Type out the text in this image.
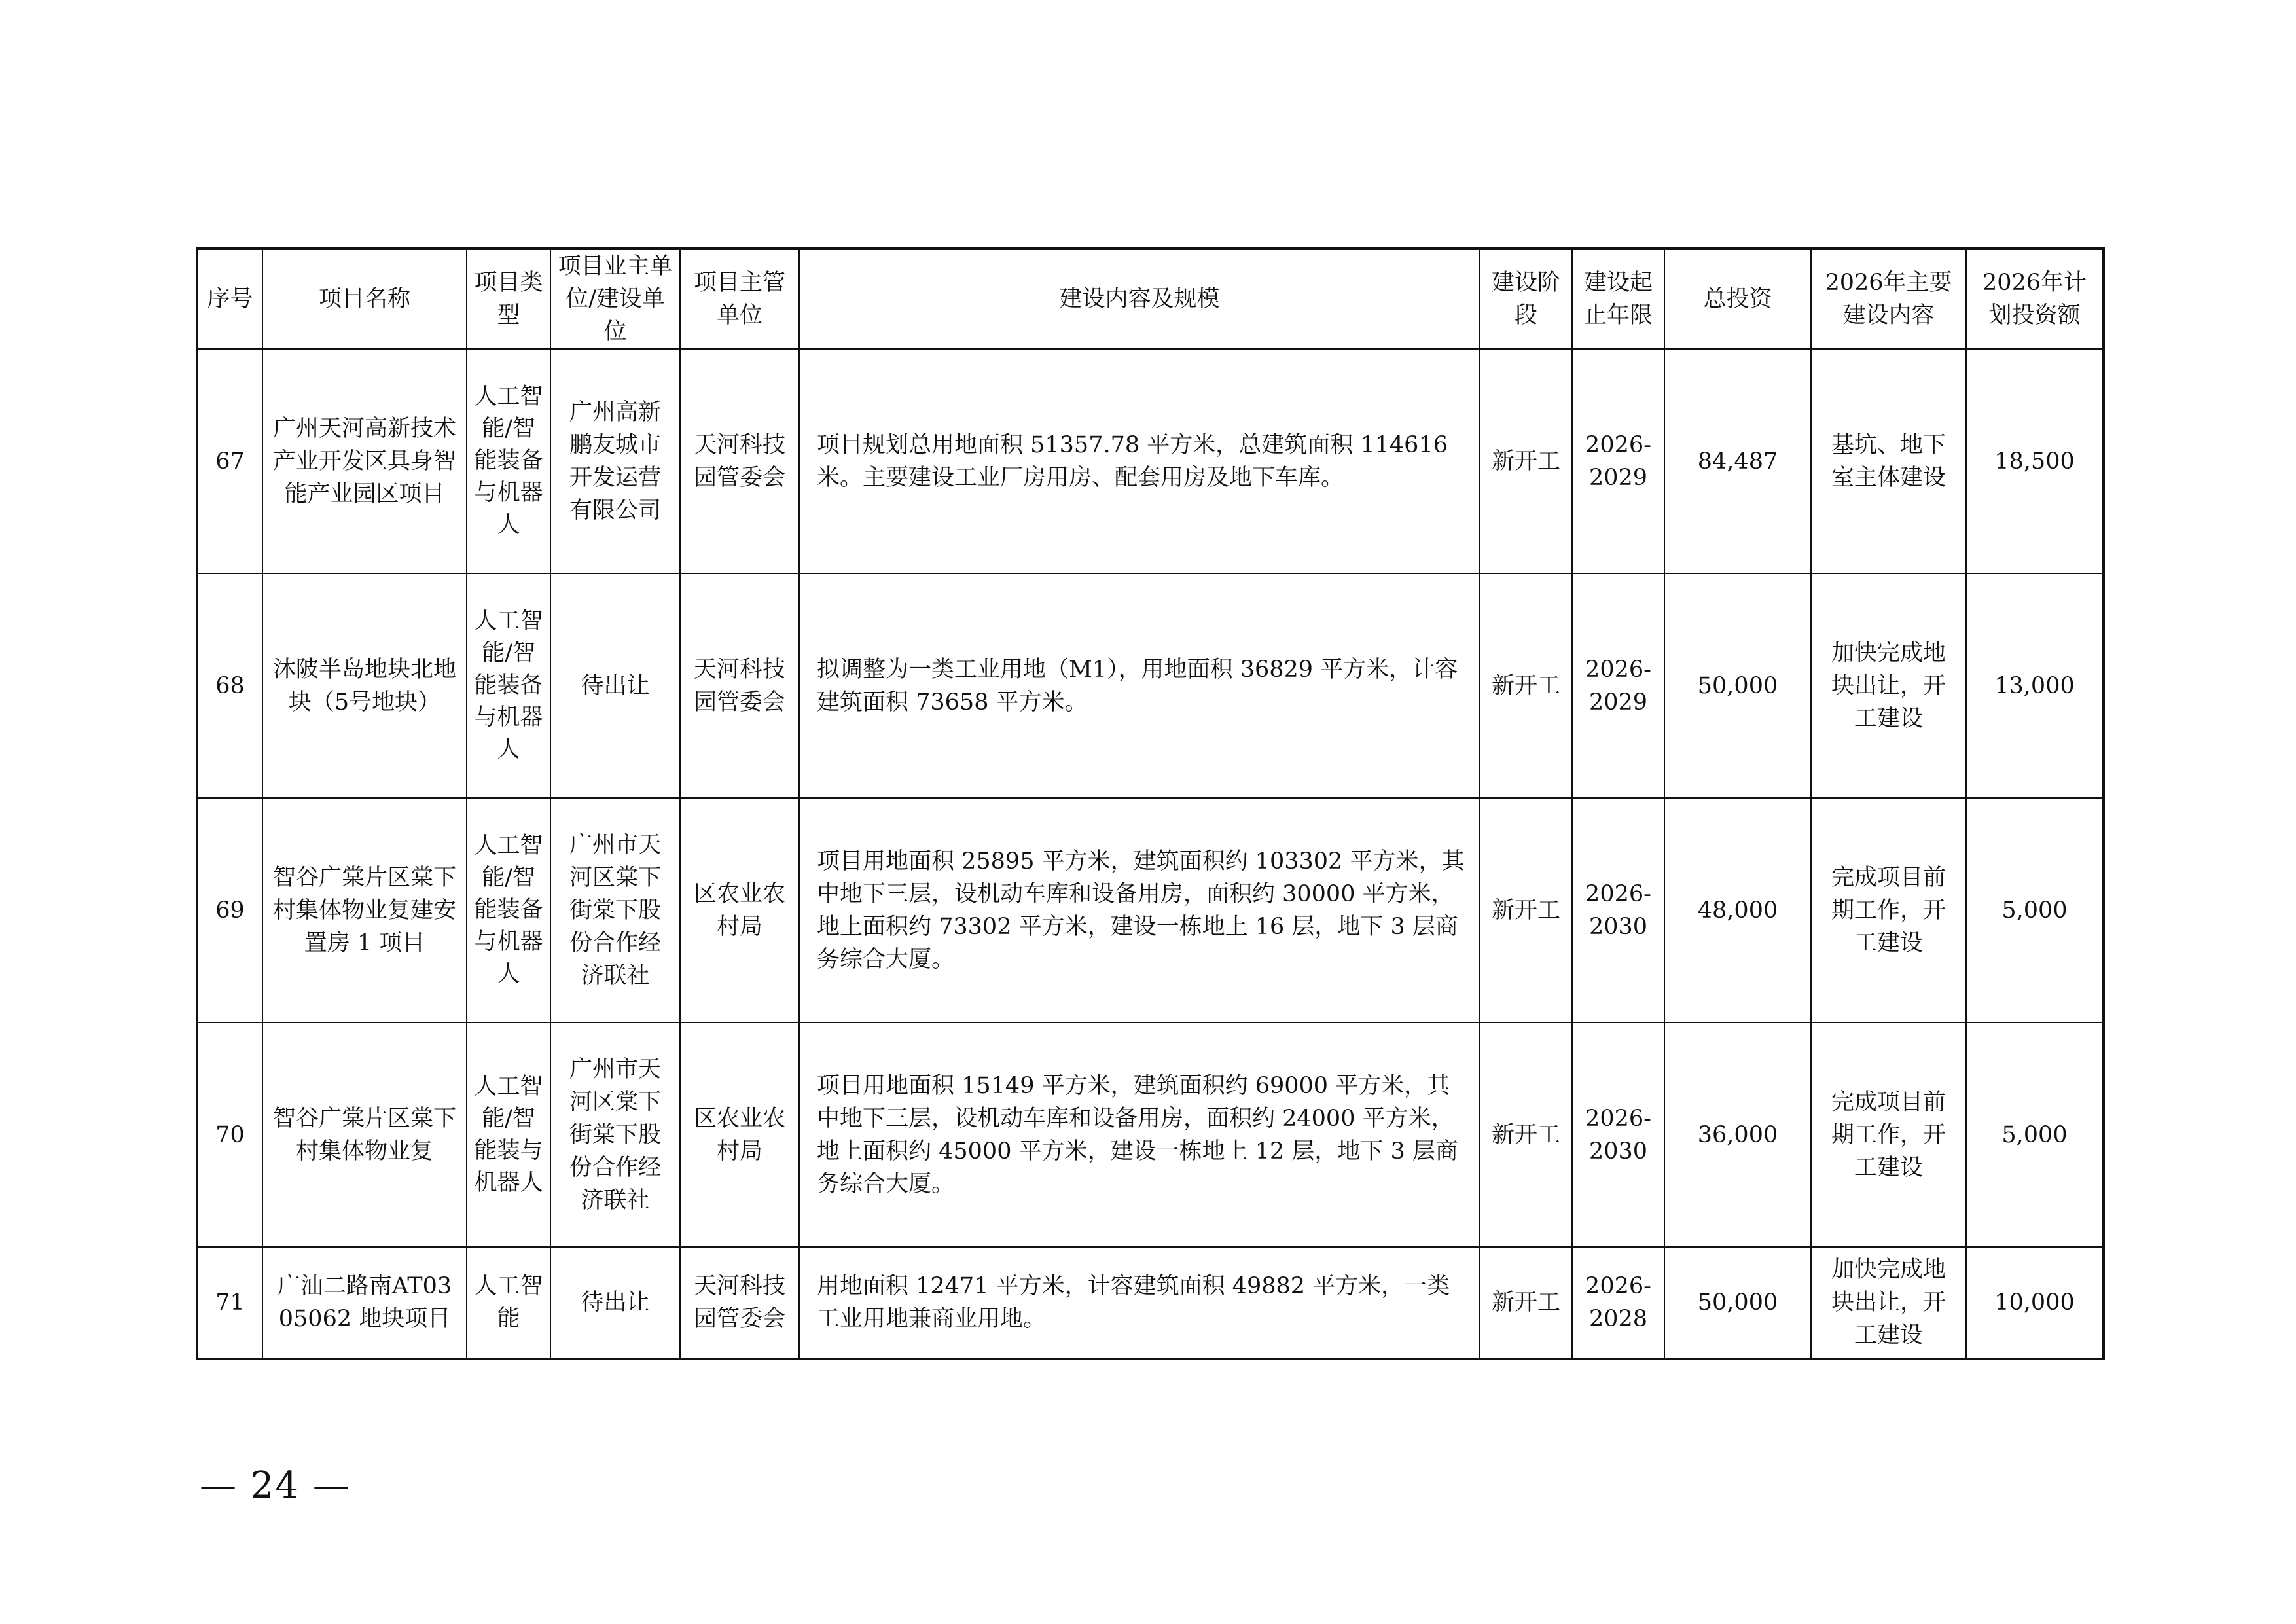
序号	项目名称	项目类型	项目业主单位/建设单位	项目主管单位	建设内容及规模	建设阶段	建设起止年限	总投资	2026年主要建设内容	2026年计划投资额
67	广州天河高新技术产业开发区具身智能产业园区项目	人工智能/智能装备与机器人	广州高新鹏友城市开发运营有限公司	天河科技园管委会	项目规划总用地面积 51357.78 平方米，总建筑面积 114616 米。主要建设工业厂房用房、配套用房及地下车库。	新开工	2026-2029	84,487	基坑、地下室主体建设	18,500
68	沐陂半岛地块北地块（5号地块）	人工智能/智能装备与机器人	待出让	天河科技园管委会	拟调整为一类工业用地（M1），用地面积 36829 平方米，计容建筑面积 73658 平方米。	新开工	2026-2029	50,000	加快完成地块出让，开工建设	13,000
69	智谷广棠片区棠下村集体物业复建安置房 1 项目	人工智能/智能装备与机器人	广州市天河区棠下街棠下股份合作经济联社	区农业农村局	项目用地面积 25895 平方米，建筑面积约 103302 平方米，其中地下三层，设机动车库和设备用房，面积约 30000 平方米，地上面积约 73302 平方米，建设一栋地上 16 层，地下 3 层商务综合大厦。	新开工	2026-2030	48,000	完成项目前期工作，开工建设	5,000
70	智谷广棠片区棠下村集体物业复	人工智能/智能装与机器人	广州市天河区棠下街棠下股份合作经济联社	区农业农村局	项目用地面积 15149 平方米，建筑面积约 69000 平方米，其中地下三层，设机动车库和设备用房，面积约 24000 平方米，地上面积约 45000 平方米，建设一栋地上 12 层，地下 3 层商务综合大厦。	新开工	2026-2030	36,000	完成项目前期工作，开工建设	5,000
71	广汕二路南AT0305062 地块项目	人工智能	待出让	天河科技园管委会	用地面积 12471 平方米，计容建筑面积 49882 平方米，一类工业用地兼商业用地。	新开工	2026-2028	50,000	加快完成地块出让，开工建设	10,000
— 24 —
